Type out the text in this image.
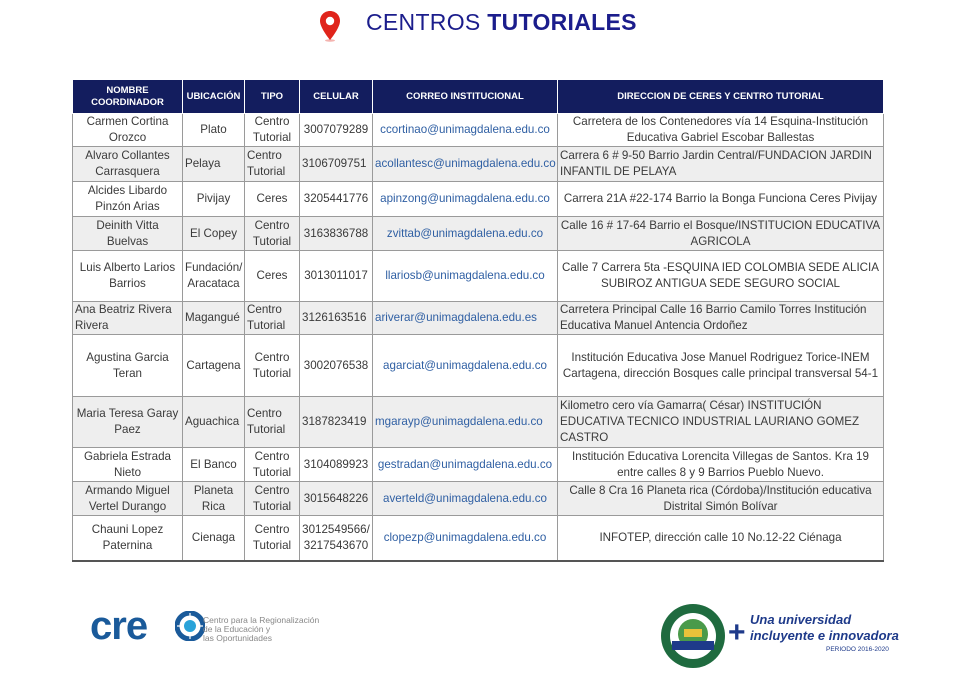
CENTROS TUTORIALES
NOMBRE COORDINADOR	UBICACIÓN	TIPO	CELULAR	CORREO INSTITUCIONAL	DIRECCION DE CERES Y CENTRO TUTORIAL
Carmen Cortina Orozco	Plato	Centro Tutorial	3007079289	ccortinao@unimagdalena.edu.co	Carretera de los Contenedores vía 14 Esquina-Institución Educativa Gabriel Escobar Ballestas
Alvaro Collantes Carrasquera	Pelaya	Centro Tutorial	3106709751	acollantesc@unimagdalena.edu.co	Carrera 6 # 9-50 Barrio Jardin Central/FUNDACION JARDIN INFANTIL DE PELAYA
Alcides Libardo Pinzón Arias	Pivijay	Ceres	3205441776	apinzong@unimagdalena.edu.co	Carrera 21A #22-174 Barrio la Bonga Funciona Ceres Pivijay
Deinith Vitta Buelvas	El Copey	Centro Tutorial	3163836788	zvittab@unimagdalena.edu.co	Calle 16 # 17-64 Barrio el Bosque/INSTITUCION EDUCATIVA AGRICOLA
Luis Alberto Larios Barrios	Fundación/ Aracataca	Ceres	3013011017	llariosb@unimagdalena.edu.co	Calle 7 Carrera 5ta -ESQUINA IED COLOMBIA SEDE ALICIA SUBIROZ ANTIGUA SEDE SEGURO SOCIAL
Ana Beatriz Rivera Rivera	Magangué	Centro Tutorial	3126163516	ariverar@unimagdalena.edu.es	Carretera Principal Calle 16 Barrio Camilo Torres Institución Educativa Manuel Antencia Ordoñez
Agustina Garcia Teran	Cartagena	Centro Tutorial	3002076538	agarciat@unimagdalena.edu.co	Institución Educativa Jose Manuel Rodriguez Torice-INEM Cartagena, dirección Bosques calle principal transversal 54-1
Maria Teresa Garay Paez	Aguachica	Centro Tutorial	3187823419	mgarayp@unimagdalena.edu.co	Kilometro cero vía Gamarra( César) INSTITUCIÓN EDUCATIVA TECNICO INDUSTRIAL LAURIANO GOMEZ CASTRO
Gabriela Estrada Nieto	El Banco	Centro Tutorial	3104089923	gestradan@unimagdalena.edu.co	Institución Educativa Lorencita Villegas de Santos. Kra 19 entre calles 8 y 9 Barrios Pueblo Nuevo.
Armando Miguel Vertel Durango	Planeta Rica	Centro Tutorial	3015648226	averteld@unimagdalena.edu.co	Calle 8 Cra 16 Planeta rica (Córdoba)/Institución educativa Distrital Simón Bolívar
Chauni Lopez Paternina	Cienaga	Centro Tutorial	3012549566/ 3217543670	clopezp@unimagdalena.edu.co	INFOTEP, dirección calle 10 No.12-22 Ciénaga
cre	Centro para la Regionalización
de la Educación y
las Oportunidades	+ Una universidad
incluyente e innovadora
PERIODO 2016-2020
